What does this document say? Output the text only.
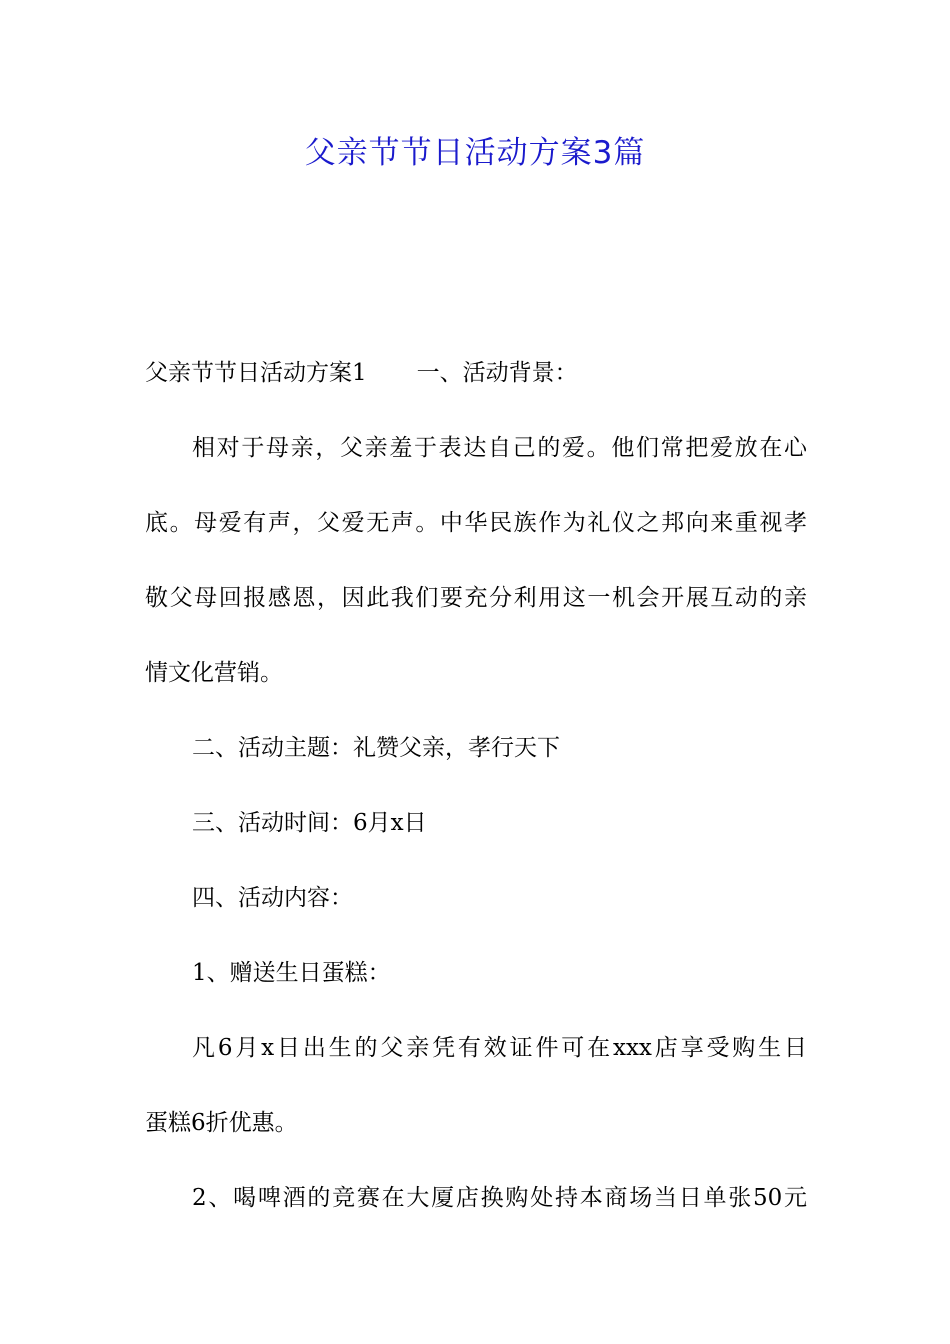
父亲节节日活动方案3篇

父亲节节日活动方案1 一、活动背景：

相对于母亲，父亲羞于表达自己的爱。他们常把爱放在心

底。母爱有声，父爱无声。中华民族作为礼仪之邦向来重视孝

敬父母回报感恩，因此我们要充分利用这一机会开展互动的亲

情文化营销。

二、活动主题：礼赞父亲，孝行天下

三、活动时间：6月x日

四、活动内容：

1、赠送生日蛋糕：

凡6月x日出生的父亲凭有效证件可在xxx店享受购生日

蛋糕6折优惠。

2、喝啤酒的竞赛在大厦店换购处持本商场当日单张50元
